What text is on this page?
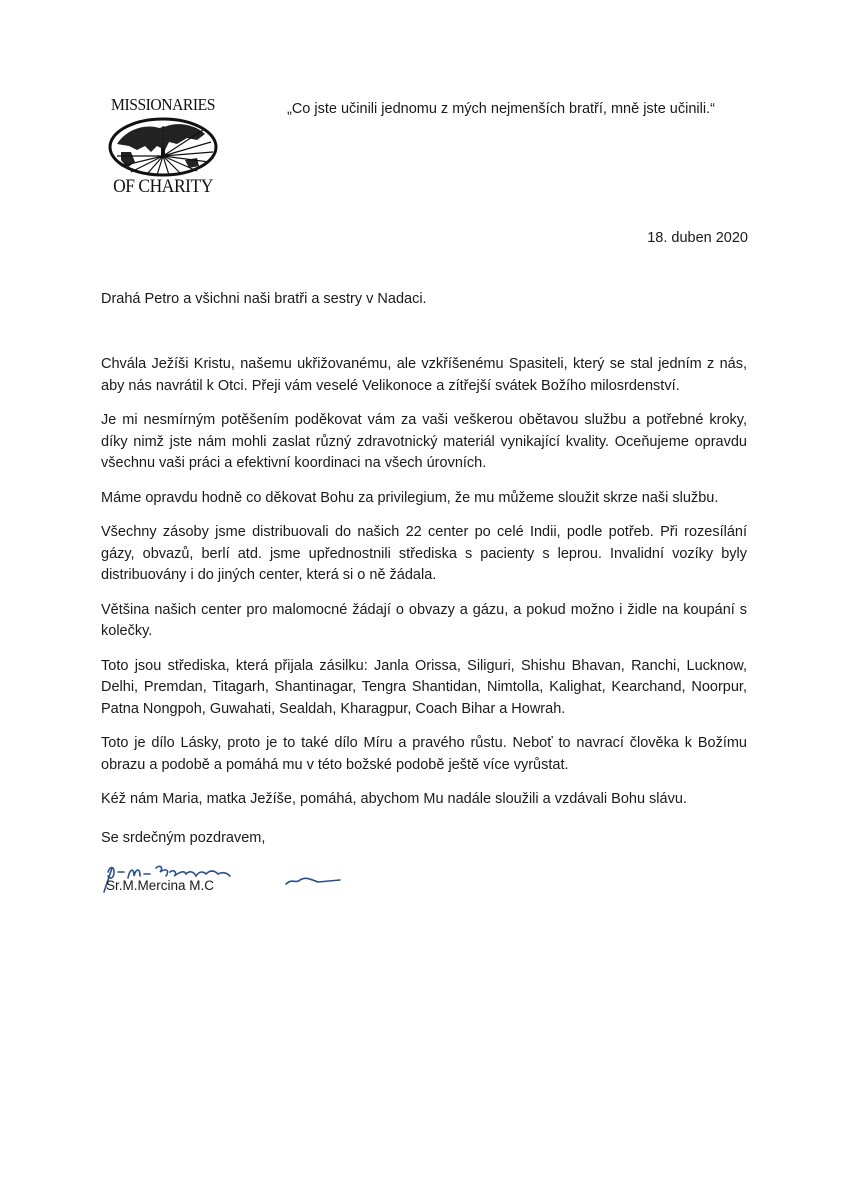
MISSIONARIES
OF CHARITY
„Co jste učinili jednomu z mých nejmenších bratří, mně jste učinili.“
18. duben 2020
Drahá Petro a všichni naši bratři a sestry v Nadaci.

Chvála Ježíši Kristu, našemu ukřižovanému, ale vzkříšenému Spasiteli, který se stal jedním z nás, aby nás navrátil k Otci. Přeji vám veselé Velikonoce a zítřejší svátek Božího milosrdenství.

Je mi nesmírným potěšením poděkovat vám za vaši veškerou obětavou službu a potřebné kroky, díky nimž jste nám mohli zaslat různý zdravotnický materiál vynikající kvality. Oceňujeme opravdu všechnu vaši práci a efektivní koordinaci na všech úrovních.

Máme opravdu hodně co děkovat Bohu za privilegium, že mu můžeme sloužit skrze naši službu.

Všechny zásoby jsme distribuovali do našich 22 center po celé Indii, podle potřeb. Při rozesílání gázy, obvazů, berlí atd. jsme upřednostnili střediska s pacienty s leprou. Invalidní vozíky byly distribuovány i do jiných center, která si o ně žádala.

Většina našich center pro malomocné žádají o obvazy a gázu, a pokud možno i židle na koupání s kolečky.

Toto jsou střediska, která přijala zásilku: Janla Orissa, Siliguri, Shishu Bhavan, Ranchi, Lucknow, Delhi, Premdan, Titagarh, Shantinagar, Tengra Shantidan, Nimtolla, Kalighat, Kearchand, Noorpur, Patna Nongpoh, Guwahati, Sealdah, Kharagpur, Coach Bihar a Howrah.

Toto je dílo Lásky, proto je to také dílo Míru a pravého růstu. Neboť to navrací člověka k Božímu obrazu a podobě a pomáhá mu v této božské podobě ještě více vyrůstat.

Kéž nám Maria, matka Ježíše, pomáhá, abychom Mu nadále sloužili a vzdávali Bohu slávu.

Se srdečným pozdravem,
Sr.M.Mercina M.C
